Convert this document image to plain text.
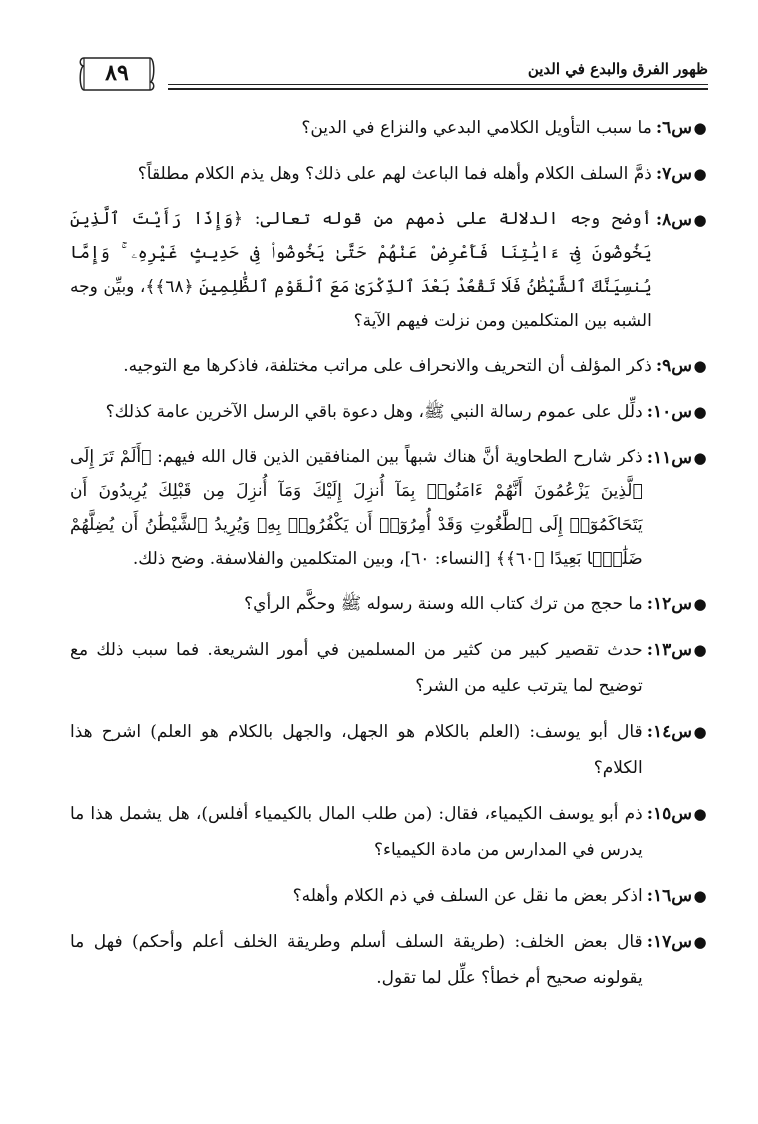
٨٩	ظهور الفرق والبدع في الدين
●
س٦:
ما سبب التأويل الكلامي البدعي والنزاع في الدين؟
●
س٧:
ذمَّ السلف الكلام وأهله فما الباعث لهم على ذلك؟ وهل يذم الكلام مطلقاً؟
●
س٨:
أوضح وجه الدلالة على ذمهم من قوله تعالى: ﴿وَإِذَا رَأَيْتَ ٱلَّذِينَ يَخُوضُونَ فِىٓ ءَايَٰتِنَا فَأَعْرِضْ عَنْهُمْ حَتَّىٰ يَخُوضُوا۟ فِى حَدِيثٍ غَيْرِهِۦ ۚ وَإِمَّا يُنسِيَنَّكَ ٱلشَّيْطَٰنُ فَلَا تَقْعُدْ بَعْدَ ٱلذِّكْرَىٰ مَعَ ٱلْقَوْمِ ٱلظَّٰلِمِينَ ﴿٦٨﴾﴾، وبيِّن وجه الشبه بين المتكلمين ومن نزلت فيهم الآية؟
●
س٩:
ذكر المؤلف أن التحريف والانحراف على مراتب مختلفة، فاذكرها مع التوجيه.
●
س١٠:
دلِّل على عموم رسالة النبي ﷺ، وهل دعوة باقي الرسل الآخرين عامة كذلك؟
●
س١١:
ذكر شارح الطحاوية أنَّ هناك شبهاً بين المنافقين الذين قال الله فيهم: ﴿أَلَمْ تَرَ إِلَى ٱلَّذِينَ يَزْعُمُونَ أَنَّهُمْ ءَامَنُوا۟ بِمَآ أُنزِلَ إِلَيْكَ وَمَآ أُنزِلَ مِن قَبْلِكَ يُرِيدُونَ أَن يَتَحَاكَمُوٓا۟ إِلَى ٱلطَّٰغُوتِ وَقَدْ أُمِرُوٓا۟ أَن يَكْفُرُوا۟ بِهِۦ وَيُرِيدُ ٱلشَّيْطَٰنُ أَن يُضِلَّهُمْ ضَلَٰلًۢا بَعِيدًا ﴿٦٠﴾﴾ [النساء: ٦٠]، وبين المتكلمين والفلاسفة. وضح ذلك.
●
س١٢:
ما حجج من ترك كتاب الله وسنة رسوله ﷺ وحكَّم الرأي؟
●
س١٣:
حدث تقصير كبير من كثير من المسلمين في أمور الشريعة. فما سبب ذلك مع توضيح لما يترتب عليه من الشر؟
●
س١٤:
قال أبو يوسف: (العلم بالكلام هو الجهل، والجهل بالكلام هو العلم) اشرح هذا الكلام؟
●
س١٥:
ذم أبو يوسف الكيمياء، فقال: (من طلب المال بالكيمياء أفلس)، هل يشمل هذا ما يدرس في المدارس من مادة الكيمياء؟
●
س١٦:
اذكر بعض ما نقل عن السلف في ذم الكلام وأهله؟
●
س١٧:
قال بعض الخلف: (طريقة السلف أسلم وطريقة الخلف أعلم وأحكم) فهل ما يقولونه صحيح أم خطأ؟ علِّل لما تقول.
